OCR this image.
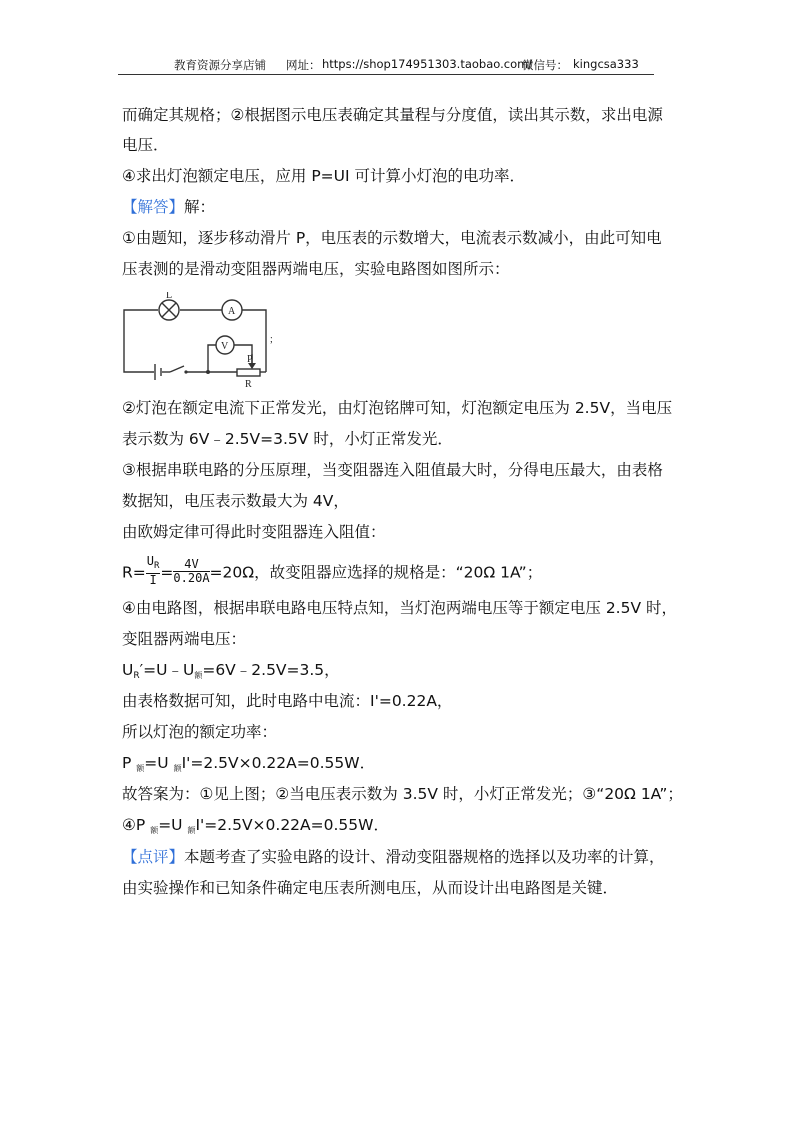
教育资源分享店铺 网址： https://shop174951303.taobao.com/
微信号： kingcsa333
而确定其规格；②根据图示电压表确定其量程与分度值，读出其示数，求出电源
电压．
④求出灯泡额定电压，应用 P=UI 可计算小灯泡的电功率．
【解答】解：
①由题知，逐步移动滑片 P，电压表的示数增大，电流表示数减小，由此可知电
压表测的是滑动变阻器两端电压，实验电路图如图所示：
L
A
V
P
R
;
②灯泡在额定电流下正常发光，由灯泡铭牌可知，灯泡额定电压为 2.5V，当电压
表示数为 6V﹣2.5V=3.5V 时，小灯正常发光．
③根据串联电路的分压原理，当变阻器连入阻值最大时，分得电压最大，由表格
数据知，电压表示数最大为 4V，
由欧姆定律可得此时变阻器连入阻值：
$R= \frac{U_R}{I} = \frac{4V}{0.20A} =20\Omega$，故变阻器应选择的规格是：“20Ω 1A”；
④由电路图，根据串联电路电压特点知，当灯泡两端电压等于额定电压 2.5V 时，
变阻器两端电压：
$U_R'=U﹣U$额=6V﹣2.5V=3.5，
由表格数据可知，此时电路中电流：I'=0.22A，
所以灯泡的额定功率：
P 额=U 额I'=2.5V×0.22A=0.55W．
故答案为：①见上图；②当电压表示数为 3.5V 时，小灯正常发光；③“20Ω 1A”；
④P 额=U 额I'=2.5V×0.22A=0.55W．
【点评】本题考查了实验电路的设计、滑动变阻器规格的选择以及功率的计算，
由实验操作和已知条件确定电压表所测电压，从而设计出电路图是关键．
